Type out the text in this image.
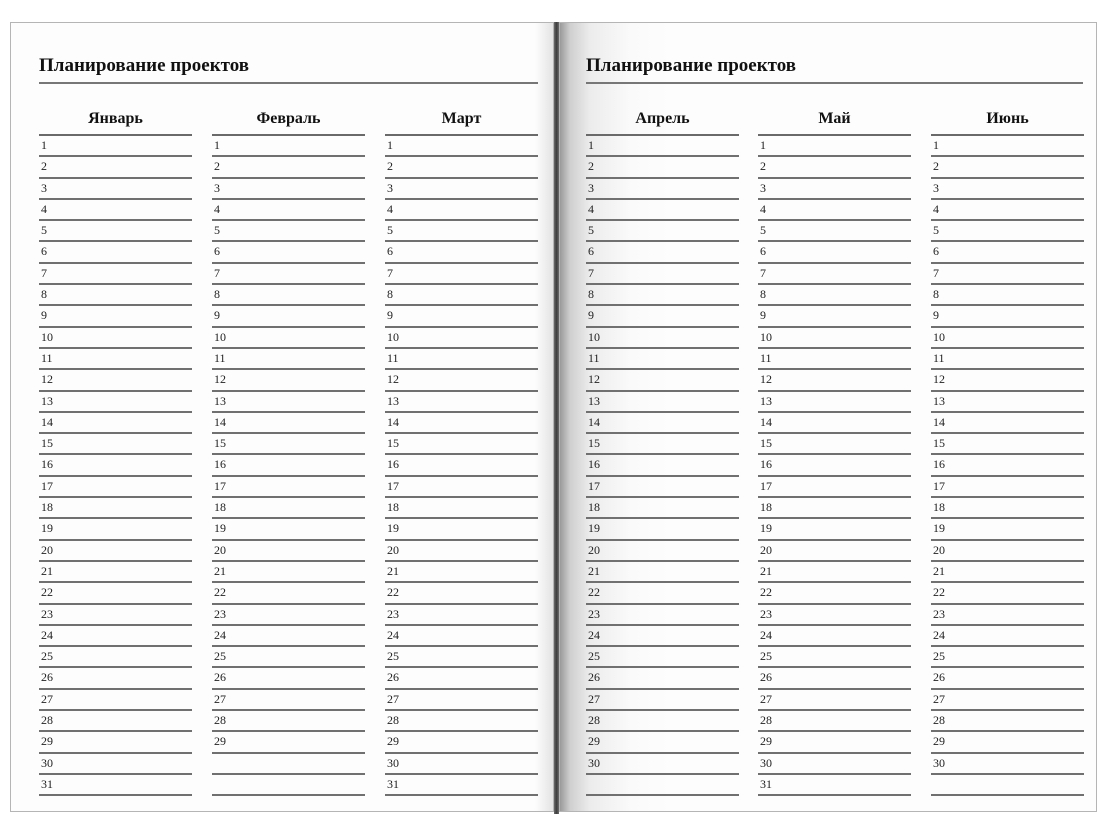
Планирование проектов
Январь
1
2
3
4
5
6
7
8
9
10
11
12
13
14
15
16
17
18
19
20
21
22
23
24
25
26
27
28
29
30
31
Февраль
1
2
3
4
5
6
7
8
9
10
11
12
13
14
15
16
17
18
19
20
21
22
23
24
25
26
27
28
29
Март
1
2
3
4
5
6
7
8
9
10
11
12
13
14
15
16
17
18
19
20
21
22
23
24
25
26
27
28
29
30
31
Планирование проектов
Апрель
1
2
3
4
5
6
7
8
9
10
11
12
13
14
15
16
17
18
19
20
21
22
23
24
25
26
27
28
29
30
Май
1
2
3
4
5
6
7
8
9
10
11
12
13
14
15
16
17
18
19
20
21
22
23
24
25
26
27
28
29
30
31
Июнь
1
2
3
4
5
6
7
8
9
10
11
12
13
14
15
16
17
18
19
20
21
22
23
24
25
26
27
28
29
30
